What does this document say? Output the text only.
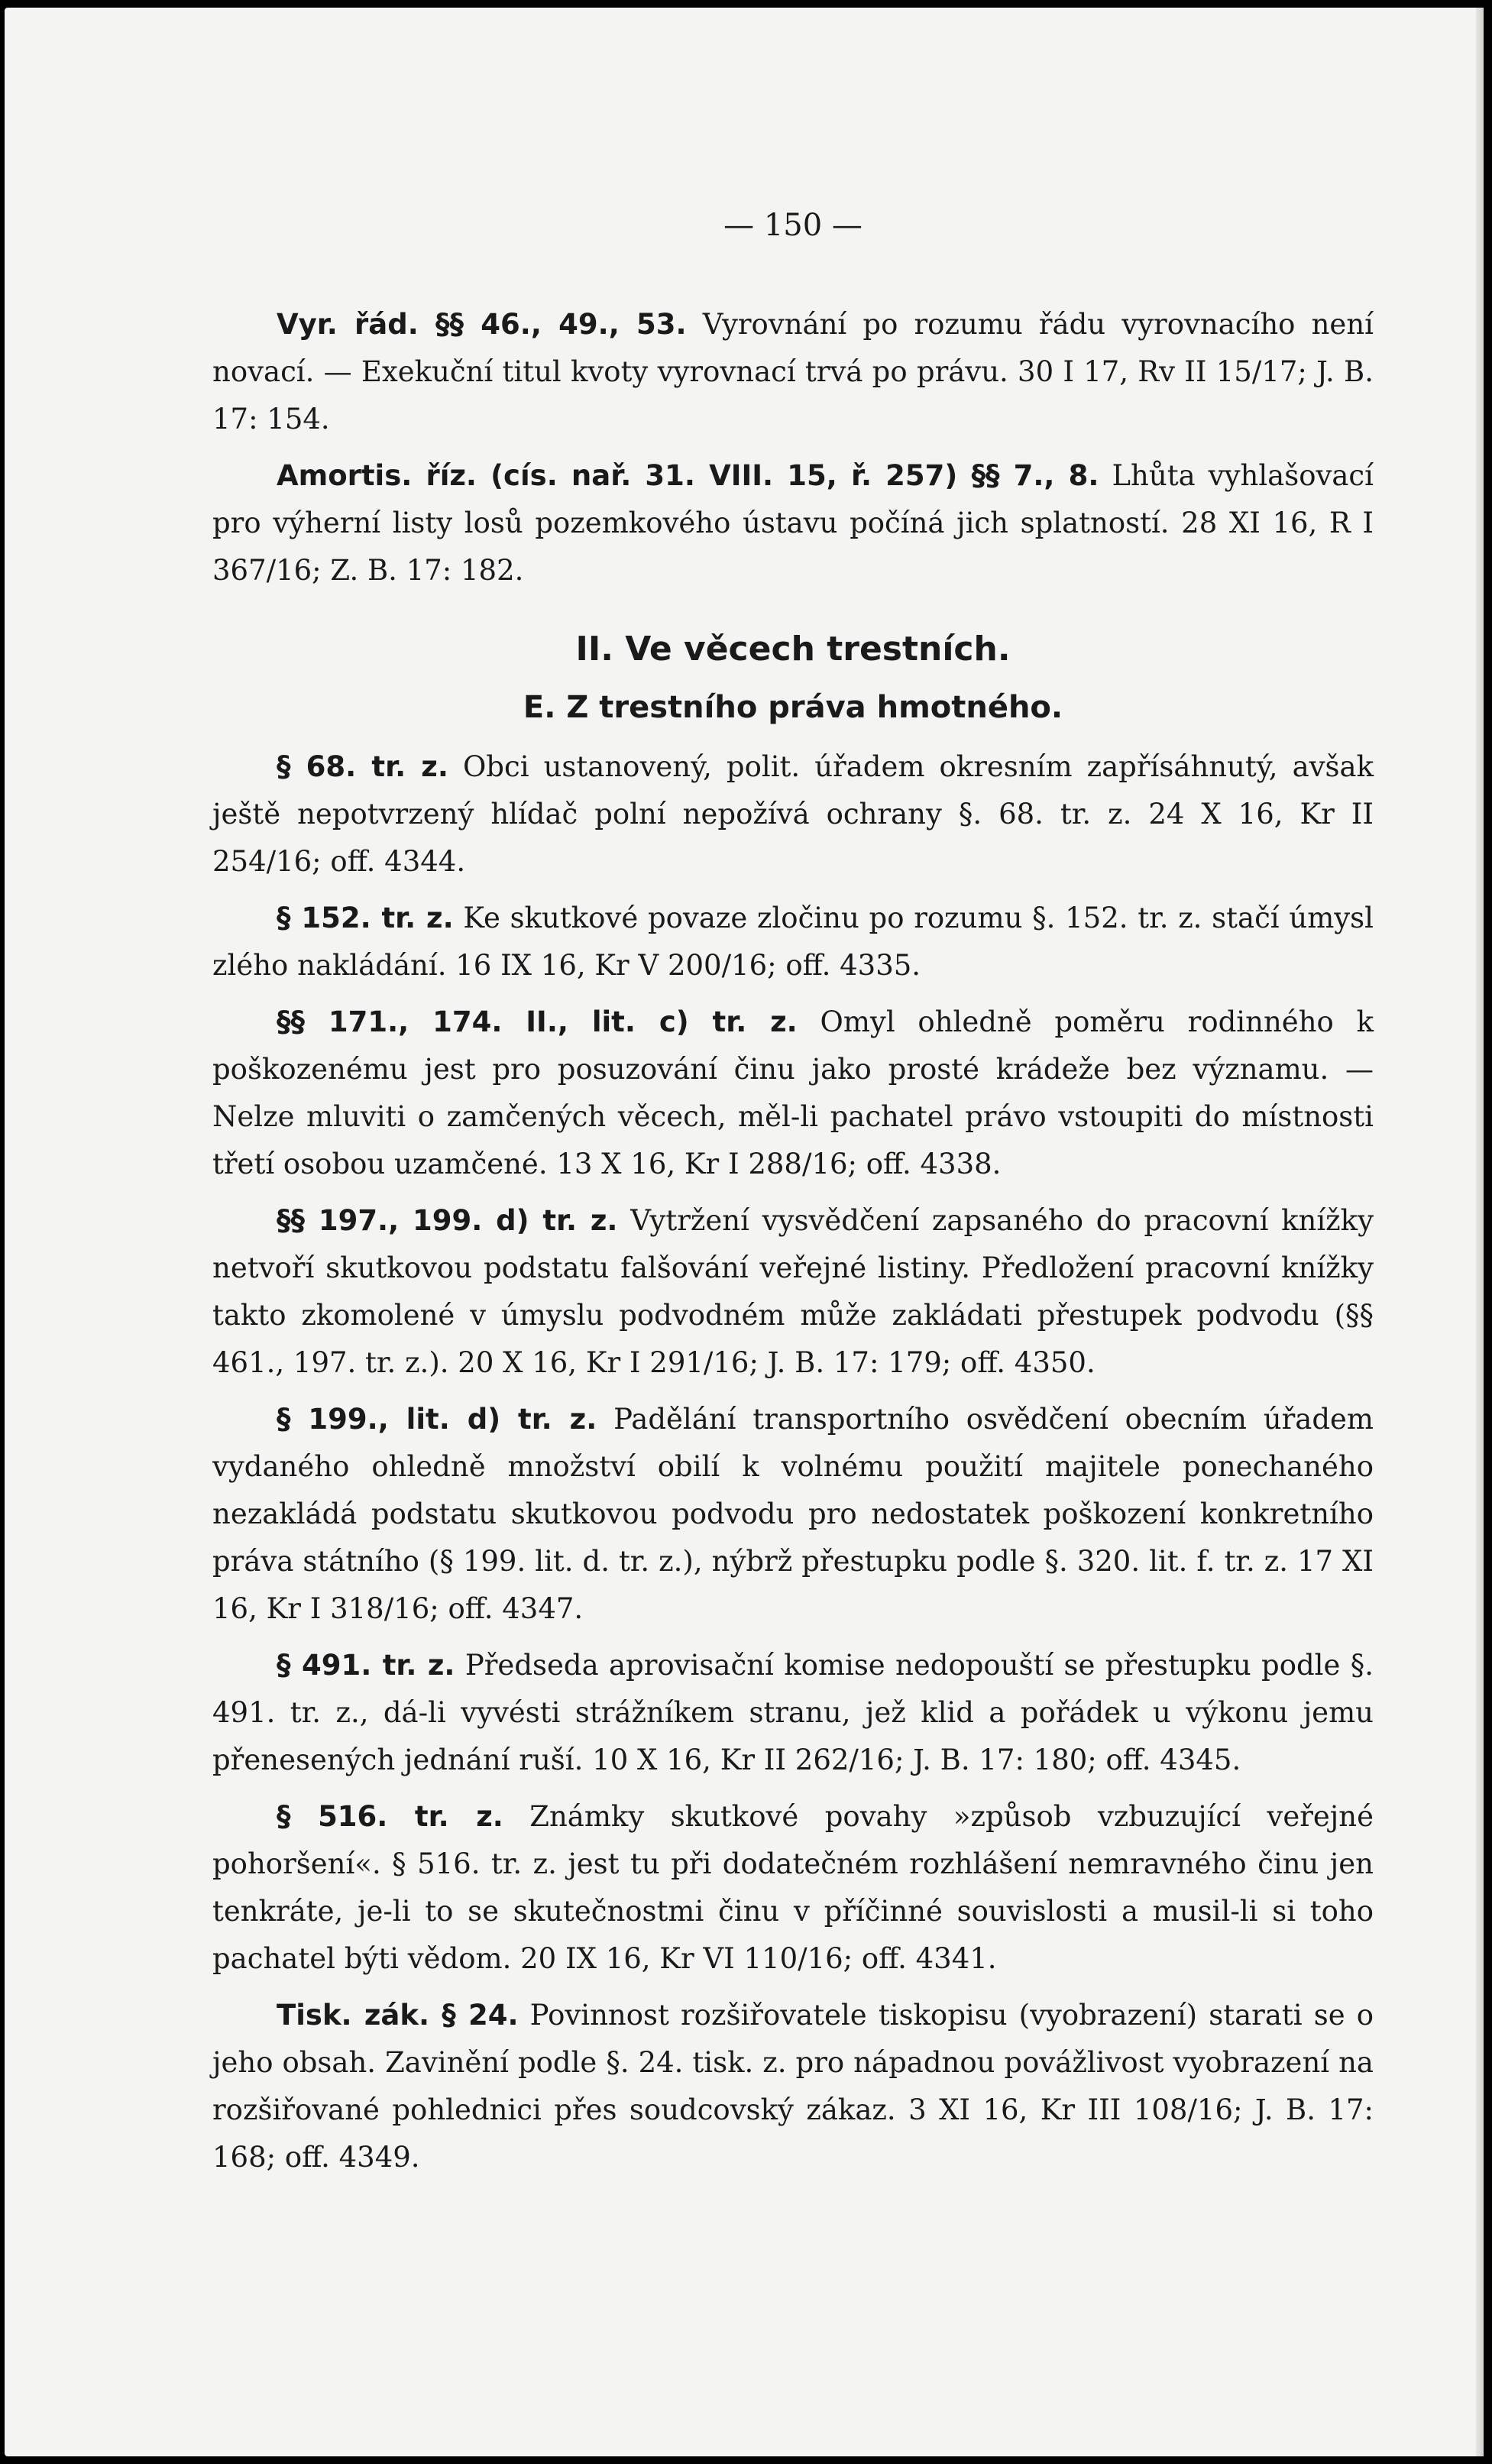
— 150 —

Vyr. řád. §§ 46., 49., 53. Vyrovnání po rozumu řádu vyrovnacího není novací. — Exekuční titul kvoty vyrovnací trvá po právu. 30 I 17, Rv II 15/17; J. B. 17: 154.

Amortis. říz. (cís. nař. 31. VIII. 15, ř. 257) §§ 7., 8. Lhůta vyhlašovací pro výherní listy losů pozemkového ústavu počíná jich splatností. 28 XI 16, R I 367/16; Z. B. 17: 182.

II. Ve věcech trestních.
E. Z trestního práva hmotného.

§ 68. tr. z. Obci ustanovený, polit. úřadem okresním zapřísáhnutý, avšak ještě nepotvrzený hlídač polní nepožívá ochrany §. 68. tr. z. 24 X 16, Kr II 254/16; off. 4344.

§ 152. tr. z. Ke skutkové povaze zločinu po rozumu §. 152. tr. z. stačí úmysl zlého nakládání. 16 IX 16, Kr V 200/16; off. 4335.

§§ 171., 174. II., lit. c) tr. z. Omyl ohledně poměru rodinného k poškozenému jest pro posuzování činu jako prosté krádeže bez významu. — Nelze mluviti o zamčených věcech, měl-li pachatel právo vstoupiti do místnosti třetí osobou uzamčené. 13 X 16, Kr I 288/16; off. 4338.

§§ 197., 199. d) tr. z. Vytržení vysvědčení zapsaného do pracovní knížky netvoří skutkovou podstatu falšování veřejné listiny. Předložení pracovní knížky takto zkomolené v úmyslu podvodném může zakládati přestupek podvodu (§§ 461., 197. tr. z.). 20 X 16, Kr I 291/16; J. B. 17: 179; off. 4350.

§ 199., lit. d) tr. z. Padělání transportního osvědčení obecním úřadem vydaného ohledně množství obilí k volnému použití majitele ponechaného nezakládá podstatu skutkovou podvodu pro nedostatek poškození konkretního práva státního (§ 199. lit. d. tr. z.), nýbrž přestupku podle §. 320. lit. f. tr. z. 17 XI 16, Kr I 318/16; off. 4347.

§ 491. tr. z. Předseda aprovisační komise nedopouští se přestupku podle §. 491. tr. z., dá-li vyvésti strážníkem stranu, jež klid a pořádek u výkonu jemu přenesených jednání ruší. 10 X 16, Kr II 262/16; J. B. 17: 180; off. 4345.

§ 516. tr. z. Známky skutkové povahy »způsob vzbuzující veřejné pohoršení«. § 516. tr. z. jest tu při dodatečném rozhlášení nemravného činu jen tenkráte, je-li to se skutečnostmi činu v příčinné souvislosti a musil-li si toho pachatel býti vědom. 20 IX 16, Kr VI 110/16; off. 4341.

Tisk. zák. § 24. Povinnost rozšiřovatele tiskopisu (vyobrazení) starati se o jeho obsah. Zavinění podle §. 24. tisk. z. pro nápadnou povážlivost vyobrazení na rozšiřované pohlednici přes soudcovský zákaz. 3 XI 16, Kr III 108/16; J. B. 17: 168; off. 4349.
